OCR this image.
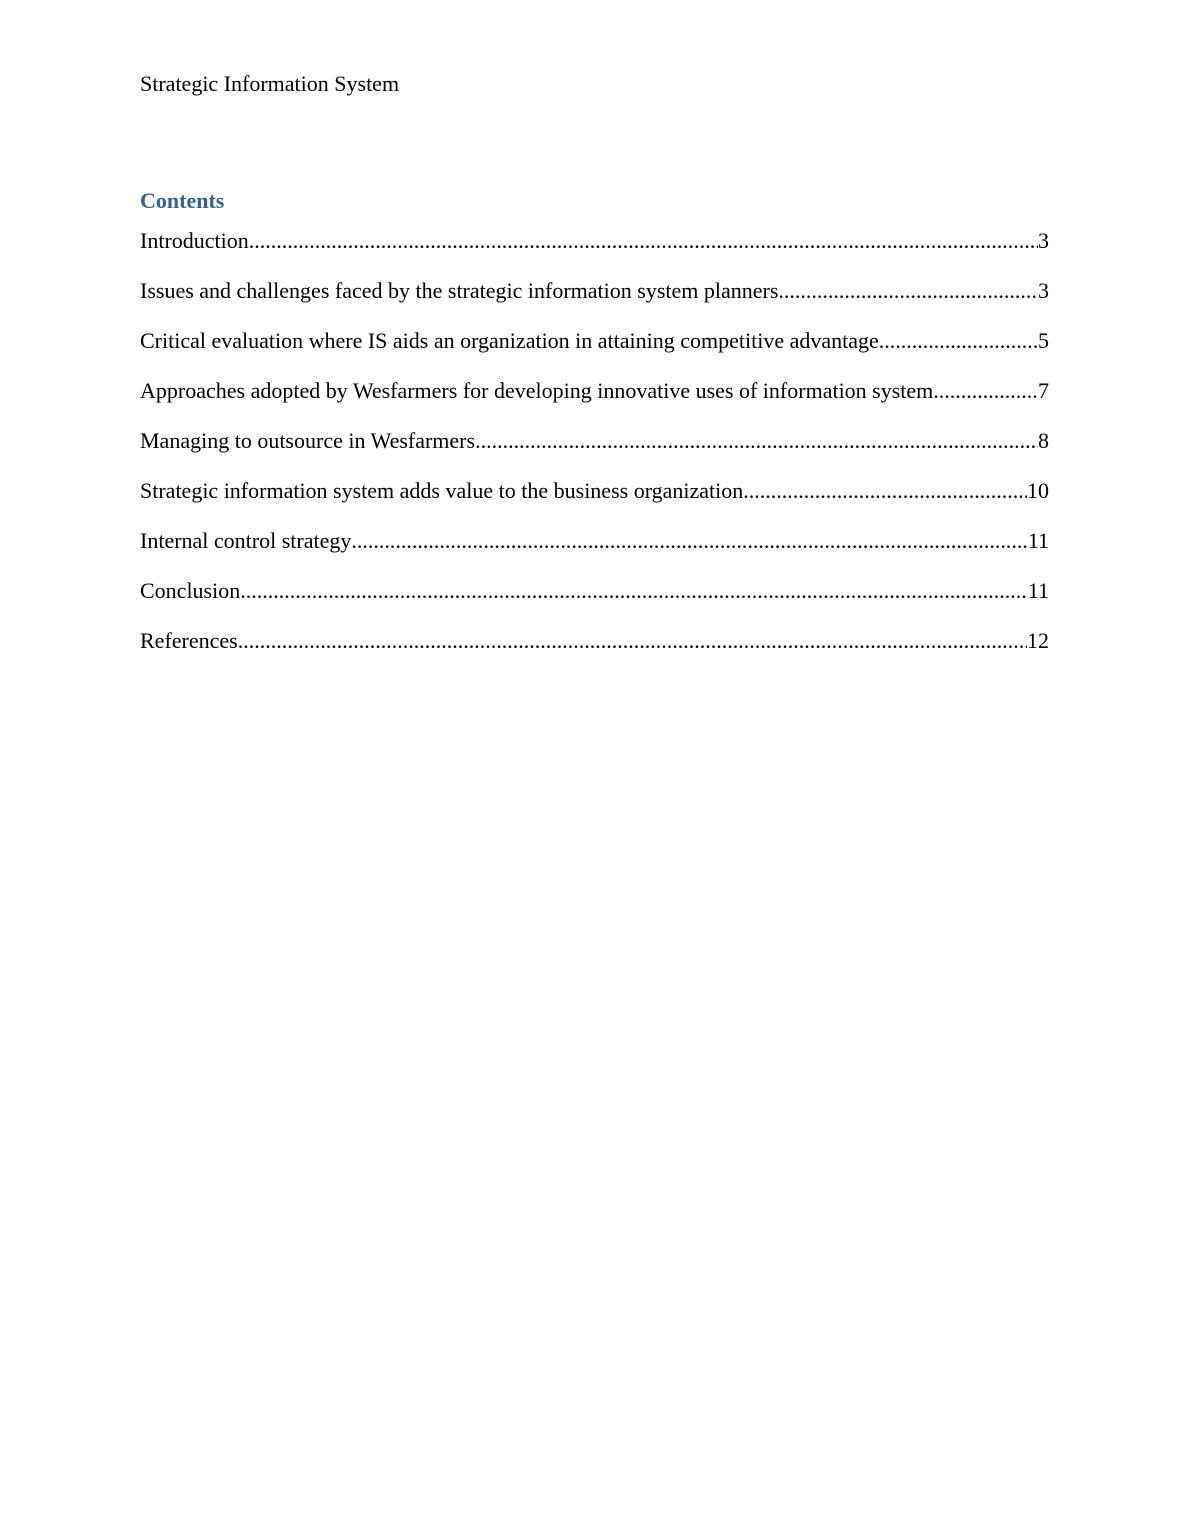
Strategic Information System
Contents
Introduction .....	3
Issues and challenges faced by the strategic information system planners .....	3
Critical evaluation where IS aids an organization in attaining competitive advantage .....	5
Approaches adopted by Wesfarmers for developing innovative uses of information system .....	7
Managing to outsource in Wesfarmers .....	8
Strategic information system adds value to the business organization .....	10
Internal control strategy .....	11
Conclusion .....	11
References .....	12
